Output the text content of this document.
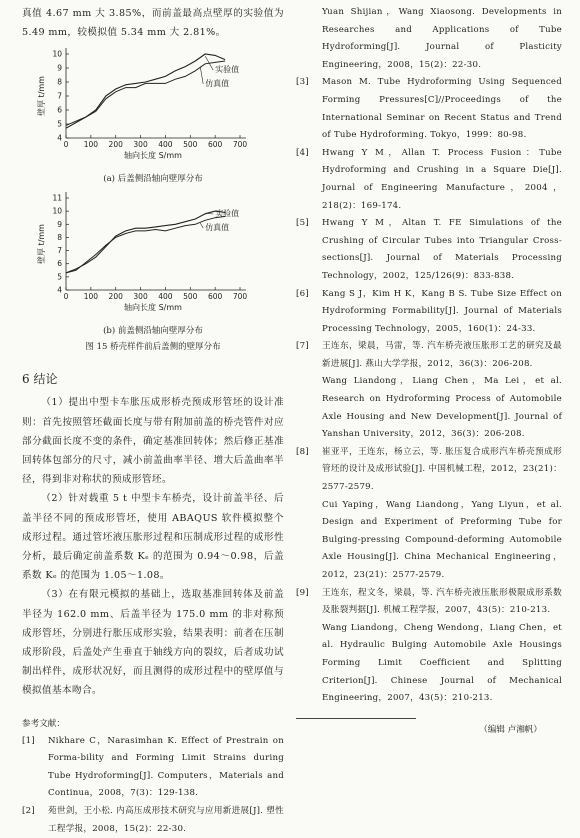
真值 4.67 mm 大 3.85%，而前盖最高点壁厚的实验值为 5.49 mm，较模拟值 5.34 mm 大 2.81%。

0 100 200 300 400 500 600 700
4
5
6
7
8
9
10
轴向长度 S/mm
壁厚 t/mm
实验值
仿真值

(a) 后盖侧沿轴向壁厚分布

0 100 200 300 400 500 600 700
4
5
6
7
8
9
10
11
轴向长度 S/mm
壁厚 t/mm
实验值
仿真值

(b) 前盖侧沿轴向壁厚分布

图 15 桥壳样件前后盖侧的壁厚分布

6 结论

（1）提出中型卡车胀压成形桥壳预成形管坯的设计准则：首先按照管坯截面长度与带有附加前盖的桥壳管件对应部分截面长度不变的条件，确定基准回转体；然后修正基准回转体包部分的尺寸，减小前盖曲率半径、增大后盖曲率半径，得到非对称状的预成形管坯。

（2）针对载重 5 t 中型卡车桥壳，设计前盖半径、后盖半径不同的预成形管坯，使用 ABAQUS 软件模拟整个成形过程。通过管坯液压胀形过程和压制成形过程的成形性分析，最后确定前盖系数 Kₑ 的范围为 0.94～0.98，后盖系数 Kₑ 的范围为 1.05～1.08。

（3）在有限元模拟的基础上，选取基准回转体及前盖半径为 162.0 mm、后盖半径为 175.0 mm 的非对称预成形管坯，分别进行胀压成形实验，结果表明：前者在压制成形阶段，后盖处产生垂直于轴线方向的裂纹，后者成功试制出样件，成形状况好，而且测得的成形过程中的壁厚值与模拟值基本吻合。

参考文献：

[1]	Nikhare C，Narasimhan K. Effect of Prestrain on Forma-bility and Forming Limit Strains during Tube Hydroforming[J]. Computers，Materials and Continua，2008，7(3)：129-138.
[2]	苑世剑，王小松. 内高压成形技术研究与应用新进展[J]. 塑性工程学报，2008，15(2)：22-30.
Yuan Shijian，Wang Xiaosong. Developments in Researches and Applications of Tube Hydroforming[J]. Journal of Plasticity Engineering，2008，15(2)：22-30.
[3]	Mason M. Tube Hydroforming Using Sequenced Forming Pressures[C]//Proceedings of the International Seminar on Recent Status and Trend of Tube Hydroforming. Tokyo，1999：80-98.
[4]	Hwang Y M，Allan T. Process Fusion：Tube Hydroforming and Crushing in a Square Die[J]. Journal of Engineering Manufacture，2004，218(2)：169-174.
[5]	Hwang Y M，Altan T. FE Simulations of the Crushing of Circular Tubes into Triangular Cross-sections[J]. Journal of Materials Processing Technology，2002，125/126(9)：833-838.
[6]	Kang S J，Kim H K，Kang B S. Tube Size Effect on Hydroforming Formability[J]. Journal of Materials Processing Technology，2005，160(1)：24-33.
[7]	王连东，梁晨，马雷，等. 汽车桥壳液压胀形工艺的研究及最新进展[J]. 燕山大学学报，2012，36(3)：206-208.
Wang Liandong，Liang Chen，Ma Lei，et al. Research on Hydroforming Process of Automobile Axle Housing and New Development[J]. Journal of Yanshan University，2012，36(3)：206-208.
[8]	崔亚平，王连东，杨立云，等. 胀压复合成形汽车桥壳预成形管坯的设计及成形试验[J]. 中国机械工程，2012，23(21)：2577-2579.
Cui Yaping，Wang Liandong，Yang Liyun，et al. Design and Experiment of Preforming Tube for Bulging-pressing Compound-deforming Automobile Axle Housing[J]. China Mechanical Engineering，2012，23(21)：2577-2579.
[9]	王连东，程文冬，梁晨，等. 汽车桥壳液压胀形极限成形系数及胀裂判据[J]. 机械工程学报，2007，43(5)：210-213.
Wang Liandong，Cheng Wendong，Liang Chen，et al. Hydraulic Bulging Automobile Axle Housings Forming Limit Coefficient and Splitting Criterion[J]. Chinese Journal of Mechanical Engineering，2007，43(5)：210-213.
（编辑 卢湘帆）
